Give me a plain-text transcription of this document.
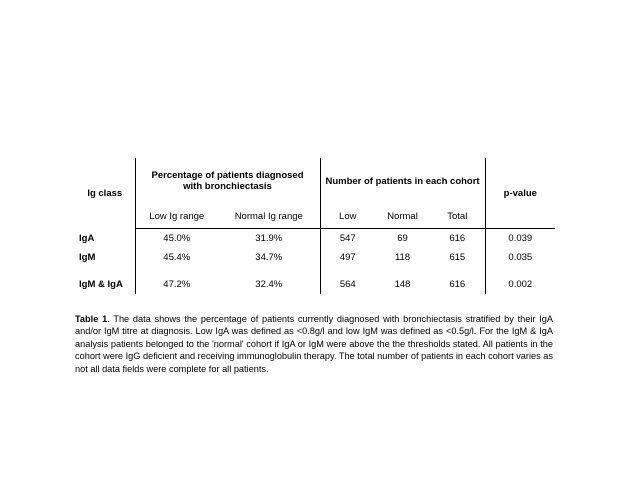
Ig class	Percentage of patients diagnosed with bronchiectasis		Number of patients in each cohort			p-value
	Low Ig range	Normal Ig range	Low	Normal	Total	
IgA	45.0%	31.9%	547	69	616	0.039
IgM	45.4%	34.7%	497	118	615	0.035
IgM & IgA	47.2%	32.4%	564	148	616	0.002
Table 1. The data shows the percentage of patients currently diagnosed with bronchiectasis stratified by their IgA and/or IgM titre at diagnosis. Low IgA was defined as <0.8g/l and low IgM was defined as <0.5g/l. For the IgM & IgA analysis patients belonged to the 'normal' cohort if IgA or IgM were above the the thresholds stated. All patients in the cohort were IgG deficient and receiving immunoglobulin therapy. The total number of patients in each cohort varies as not all data fields were complete for all patients.
